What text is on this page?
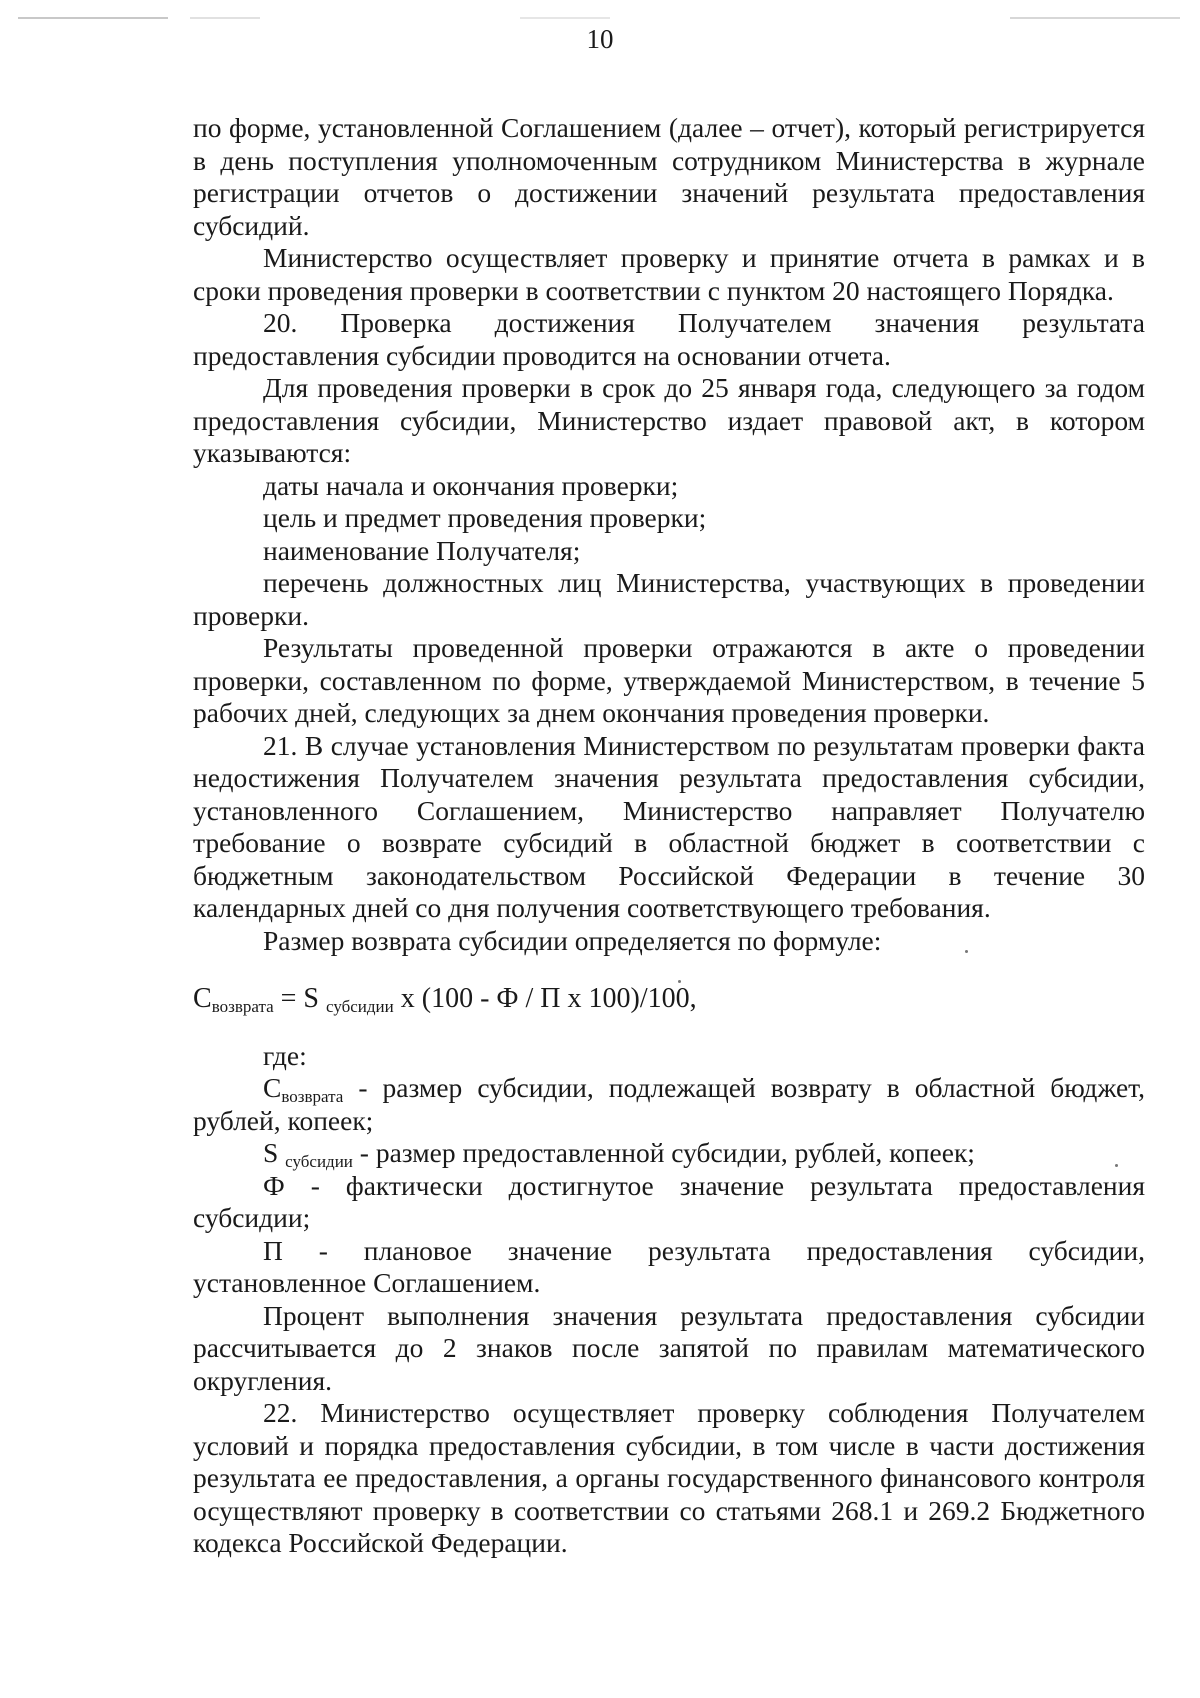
10

по форме, установленной Соглашением (далее – отчет), который регистрируется в день поступления уполномоченным сотрудником Министерства в журнале регистрации отчетов о достижении значений результата предоставления субсидий.

Министерство осуществляет проверку и принятие отчета в рамках и в сроки проведения проверки в соответствии с пунктом 20 настоящего Порядка.

20. Проверка достижения Получателем значения результата предоставления субсидии проводится на основании отчета.

Для проведения проверки в срок до 25 января года, следующего за годом предоставления субсидии, Министерство издает правовой акт, в котором указываются:

даты начала и окончания проверки;

цель и предмет проведения проверки;

наименование Получателя;

перечень должностных лиц Министерства, участвующих в проведении проверки.

Результаты проведенной проверки отражаются в акте о проведении проверки, составленном по форме, утверждаемой Министерством, в течение 5 рабочих дней, следующих за днем окончания проведения проверки.

21. В случае установления Министерством по результатам проверки факта недостижения Получателем значения результата предоставления субсидии, установленного Соглашением, Министерство направляет Получателю требование о возврате субсидий в областной бюджет в соответствии с бюджетным законодательством Российской Федерации в течение 30 календарных дней со дня получения соответствующего требования.

Размер возврата субсидии определяется по формуле:

$С_{возврата} = S$ $_{субсидии}$ x (100 - Ф / П x 100)/100,

где:

$С_{возврата}$ - размер субсидии, подлежащей возврату в областной бюджет, рублей, копеек;

S $_{субсидии}$ - размер предоставленной субсидии, рублей, копеек;

Ф - фактически достигнутое значение результата предоставления субсидии;

П - плановое значение результата предоставления субсидии, установленное Соглашением.

Процент выполнения значения результата предоставления субсидии рассчитывается до 2 знаков после запятой по правилам математического округления.

22. Министерство осуществляет проверку соблюдения Получателем условий и порядка предоставления субсидии, в том числе в части достижения результата ее предоставления, а органы государственного финансового контроля осуществляют проверку в соответствии со статьями 268.1 и 269.2 Бюджетного кодекса Российской Федерации.
